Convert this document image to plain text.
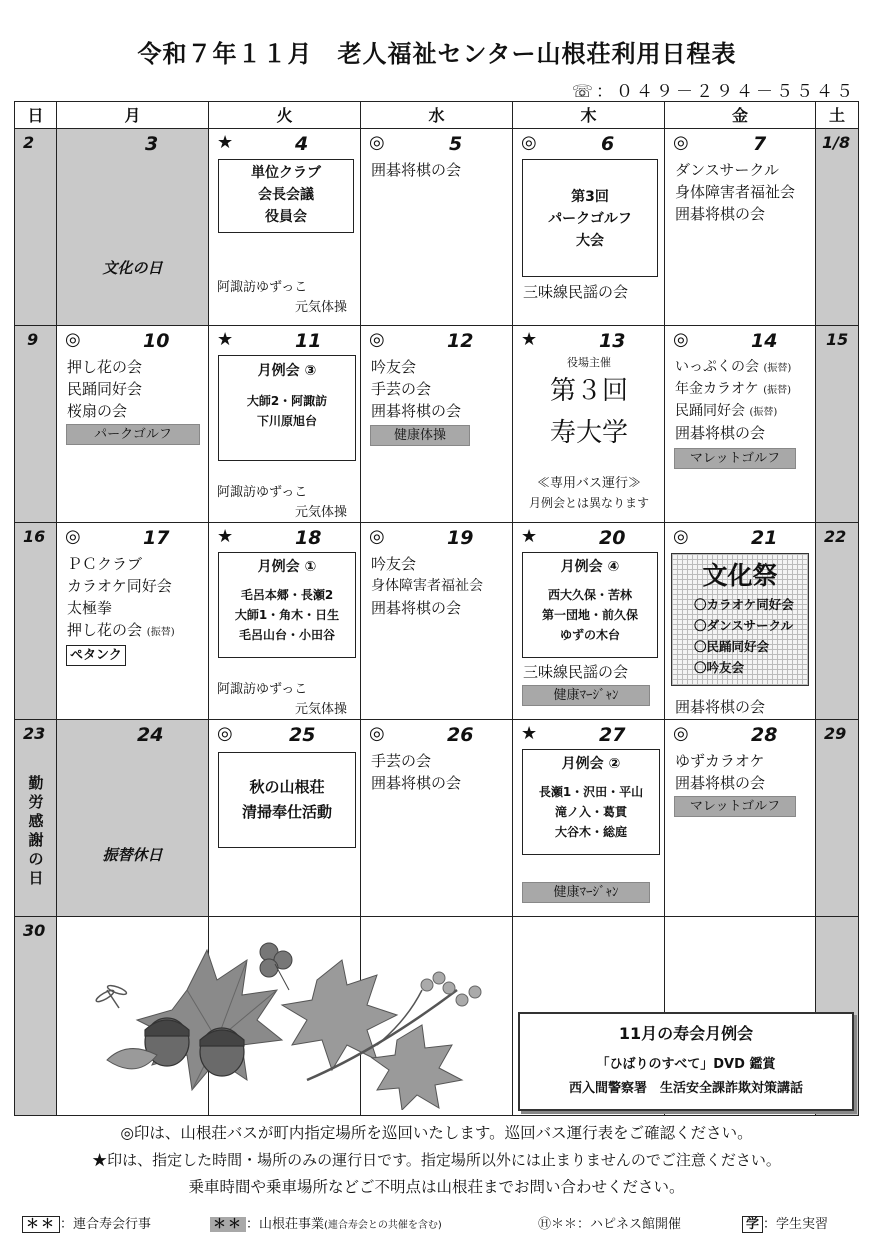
令和７年１１月　老人福祉センター山根荘利用日程表
☏：０４９－２９４－５５４５
日	月	火	水	木	金	土
2	3
文化の日
★	4
単位クラブ
会長会議
役員会
阿諏訪ゆずっこ
元気体操
◎	5
囲碁将棋の会
◎	6
第3回
パークゴルフ
大会
三味線民謡の会
◎	7
ダンスサークル
身体障害者福祉会
囲碁将棋の会
1/8
9 ◎	10
押し花の会
民踊同好会
桜扇の会
パークゴルフ
★	11
月例会 ③
大師2・阿諏訪
下川原旭台
阿諏訪ゆずっこ
元気体操
◎	12
吟友会
手芸の会
囲碁将棋の会
健康体操
★	13
役場主催
第３回
寿大学
≪専用バス運行≫
月例会とは異なります
◎	14
いっぷくの会 (振替)
年金カラオケ (振替)
民踊同好会 (振替)
囲碁将棋の会
マレットゴルフ
15
16 ◎	17
ＰＣクラブ
カラオケ同好会
太極拳
押し花の会 (振替)
ペタンク
★	18
月例会 ①
毛呂本郷・長瀬2
大師1・角木・日生
毛呂山台・小田谷
阿諏訪ゆずっこ
元気体操
◎	19
吟友会
身体障害者福祉会
囲碁将棋の会
★	20
月例会 ④
西大久保・苦林
第一団地・前久保
ゆずの木台
三味線民謡の会
健康ﾏｰｼﾞｬﾝ
◎	21
文化祭
〇カラオケ同好会
〇ダンスサークル
〇民踊同好会
〇吟友会
囲碁将棋の会
22
23
勤労感謝の日
24
振替休日
◎	25
秋の山根荘
清掃奉仕活動
◎	26
手芸の会
囲碁将棋の会
★	27
月例会 ②
長瀬1・沢田・平山
滝ノ入・葛貫
大谷木・総庭
健康ﾏｰｼﾞｬﾝ
◎	28
ゆずカラオケ
囲碁将棋の会
マレットゴルフ
29
30
11月の寿会月例会
「ひばりのすべて」DVD 鑑賞
西入間警察署　生活安全課詐欺対策講話
◎印は、山根荘バスが町内指定場所を巡回いたします。巡回バス運行表をご確認ください。
★印は、指定した時間・場所のみの運行日です。指定場所以外には止まりませんのでご注意ください。
乗車時間や乗車場所などご不明点は山根荘までお問い合わせください。
＊＊ ：連合寿会行事	＊＊ ：山根荘事業(連合寿会との共催を含む)	Ⓗ＊＊：ハピネス館開催	学 ：学生実習
